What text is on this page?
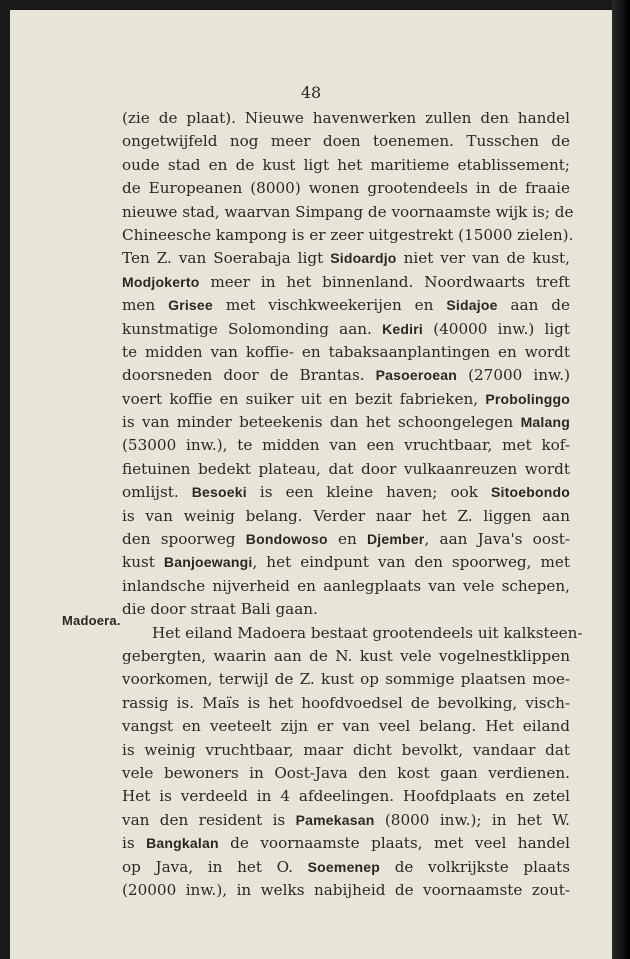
48
Madoera.
(zie de plaat). Nieuwe havenwerken zullen den handel
ongetwijfeld nog meer doen toenemen. Tusschen de
oude stad en de kust ligt het maritieme etablissement;
de Europeanen (8000) wonen grootendeels in de fraaie
nieuwe stad, waarvan Simpang de voornaamste wijk is; de
Chineesche kampong is er zeer uitgestrekt (15000 zielen).
Ten Z. van Soerabaja ligt Sidoardjo niet ver van de kust,
Modjokerto meer in het binnenland. Noordwaarts treft
men Grisee met vischkweekerijen en Sidajoe aan de
kunstmatige Solomonding aan. Kediri (40000 inw.) ligt
te midden van koffie- en tabaksaanplantingen en wordt
doorsneden door de Brantas. Pasoeroean (27000 inw.)
voert koffie en suiker uit en bezit fabrieken, Probolinggo
is van minder beteekenis dan het schoongelegen Malang
(53000 inw.), te midden van een vruchtbaar, met kof-
fietuinen bedekt plateau, dat door vulkaanreuzen wordt
omlijst. Besoeki is een kleine haven; ook Sitoebondo
is van weinig belang. Verder naar het Z. liggen aan
den spoorweg Bondowoso en Djember, aan Java's oost-
kust Banjoewangi, het eindpunt van den spoorweg, met
inlandsche nijverheid en aanlegplaats van vele schepen,
die door straat Bali gaan.
Het eiland Madoera bestaat grootendeels uit kalksteen-
gebergten, waarin aan de N. kust vele vogelnestklippen
voorkomen, terwijl de Z. kust op sommige plaatsen moe-
rassig is. Maïs is het hoofdvoedsel de bevolking, visch-
vangst en veeteelt zijn er van veel belang. Het eiland
is weinig vruchtbaar, maar dicht bevolkt, vandaar dat
vele bewoners in Oost-Java den kost gaan verdienen.
Het is verdeeld in 4 afdeelingen. Hoofdplaats en zetel
van den resident is Pamekasan (8000 inw.); in het W.
is Bangkalan de voornaamste plaats, met veel handel
op Java, in het O. Soemenep de volkrijkste plaats
(20000 inw.), in welks nabijheid de voornaamste zout-
